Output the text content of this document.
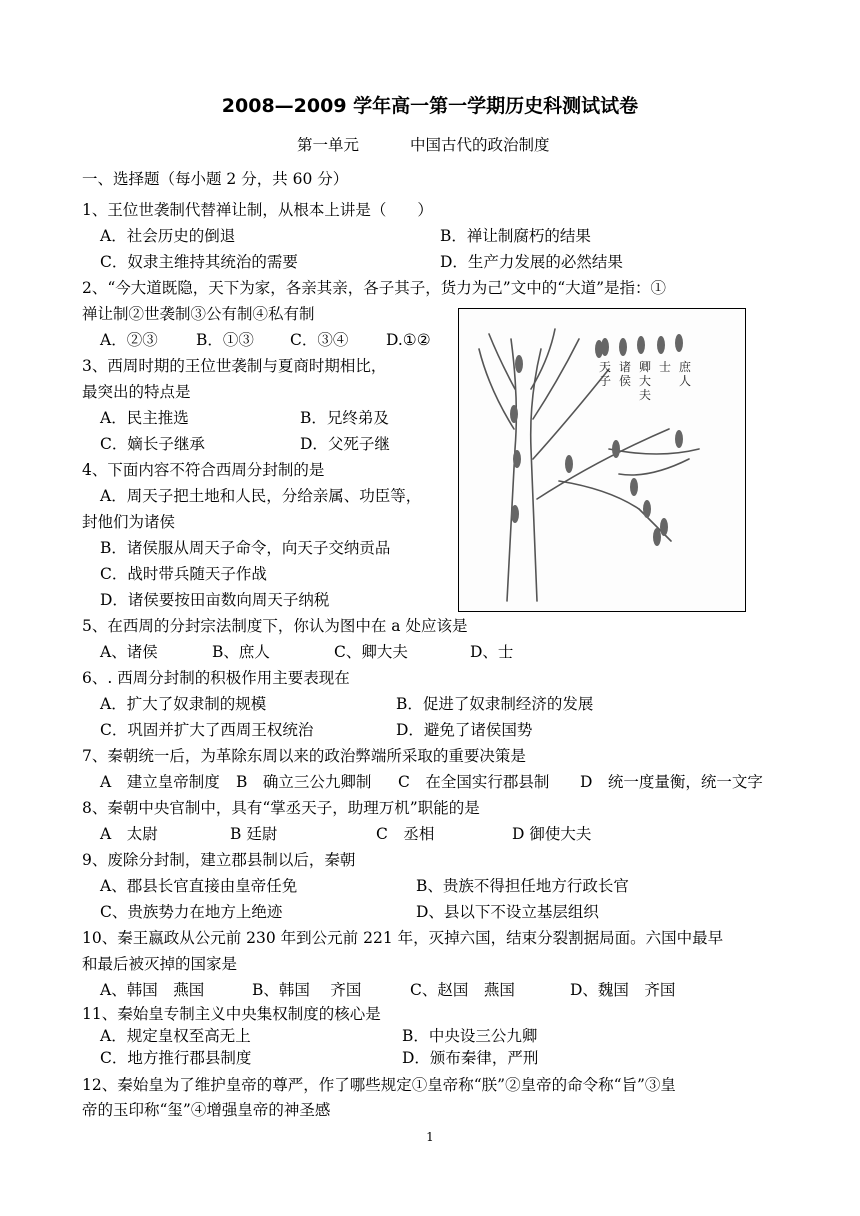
2008—2009 学年高一第一学期历史科测试试卷
第一单元	中国古代的政治制度
一、选择题（每小题 2 分，共 60 分）
1、王位世袭制代替禅让制，从根本上讲是（　　）
A．社会历史的倒退	B．禅让制腐朽的结果
C．奴隶主维持其统治的需要	D．生产力发展的必然结果
2、“今大道既隐，天下为家，各亲其亲，各子其子，货力为己”文中的“大道”是指：①
禅让制②世袭制③公有制④私有制
A．②③ B．①③ C．③④ D.①②
3、西周时期的王位世袭制与夏商时期相比，
最突出的特点是
A．民主推选	B．兄终弟及
C．嫡长子继承	D．父死子继
4、下面内容不符合西周分封制的是
A．周天子把土地和人民，分给亲属、功臣等，
封他们为诸侯
B．诸侯服从周天子命令，向天子交纳贡品
C．战时带兵随天子作战
D．诸侯要按田亩数向周天子纳税
天子
诸侯
卿大夫
士 庶人
5、在西周的分封宗法制度下，你认为图中在 a 处应该是
A、诸侯	B、庶人	C、卿大夫	D、士
6、. 西周分封制的积极作用主要表现在
A．扩大了奴隶制的规模	B．促进了奴隶制经济的发展
C．巩固并扩大了西周王权统治	D．避免了诸侯国势
7、秦朝统一后，为革除东周以来的政治弊端所采取的重要决策是
A　建立皇帝制度 B　确立三公九卿制 C　在全国实行郡县制 D　统一度量衡，统一文字
8、秦朝中央官制中，具有“掌丞天子，助理万机”职能的是
A　太尉	B 廷尉	C　丞相	D 御使大夫
9、废除分封制，建立郡县制以后，秦朝
A、郡县长官直接由皇帝任免	B、贵族不得担任地方行政长官
C、贵族势力在地方上绝迹	D、县以下不设立基层组织
10、秦王嬴政从公元前 230 年到公元前 221 年，灭掉六国，结束分裂割据局面。六国中最早
和最后被灭掉的国家是
A、韩国　燕国	B、韩国　 齐国	C、赵国　燕国	D、魏国　齐国
11、秦始皇专制主义中央集权制度的核心是
A．规定皇权至高无上	B．中央设三公九卿
C．地方推行郡县制度	D．颁布秦律，严刑
12、秦始皇为了维护皇帝的尊严，作了哪些规定①皇帝称“朕”②皇帝的命令称“旨”③皇
帝的玉印称“玺”④增强皇帝的神圣感
1
